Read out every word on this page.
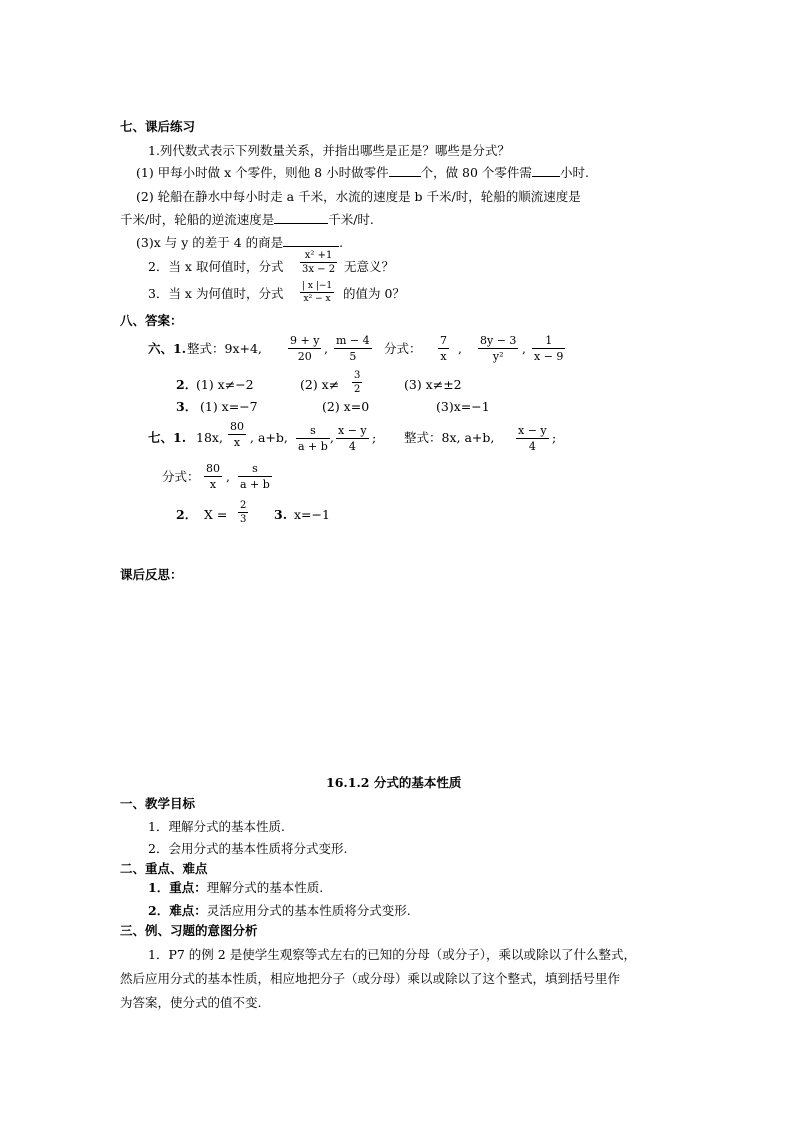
七、课后练习
1.列代数式表示下列数量关系，并指出哪些是正是？哪些是分式？
(1) 甲每小时做 x 个零件，则他 8 小时做零件	个，做 80 个零件需 小时.
(2) 轮船在静水中每小时走 a 千米，水流的速度是 b 千米/时，轮船的顺流速度是
千米/时，轮船的逆流速度是	千米/时.
(3)x 与 y 的差于 4 的商是	.
2．当 x 取何值时，分式 $\frac{\text{x² +1}}{3x - 2}$ 无意义？
3．当 x 为何值时，分式 $\frac{| x |-1}{\text{x² − x}}$ 的值为 0？
八、答案：
六、1. 整式：9x+4, $\frac{9 + y}{20}$ , $\frac{m - 4}{5}$ 分式： $\frac{7}{x}$ , $\frac{8y - 3}{\text{y²}}$ , $\frac{1}{x - 9}$
2．
(1) x≠−2	(2) $x\ne \frac{3}{2}$	(3) x≠±2
3． (1) x=−7	(2) x=0	(3)x=−1
七、1. 18x, $\frac{80}{x}$ , a+b, $\frac{s}{a + b}$ , $\frac{x - y}{4}$ ; 整式：8x, a+b, $\frac{x - y}{4}$ ;
分式： $\frac{80}{x}$ , $\frac{s}{a + b}$
2． $X = \frac{2}{3} 3$. x=−1
课后反思：
16.1.2 分式的基本性质
一、教学目标
1．理解分式的基本性质.
2．会用分式的基本性质将分式变形.
二、重点、难点
1．重点：理解分式的基本性质.
2．难点：灵活应用分式的基本性质将分式变形.
三、例、习题的意图分析
1．P7 的例 2 是使学生观察等式左右的已知的分母（或分子），乘以或除以了什么整式，
然后应用分式的基本性质，相应地把分子（或分母）乘以或除以了这个整式，填到括号里作
为答案，使分式的值不变.
